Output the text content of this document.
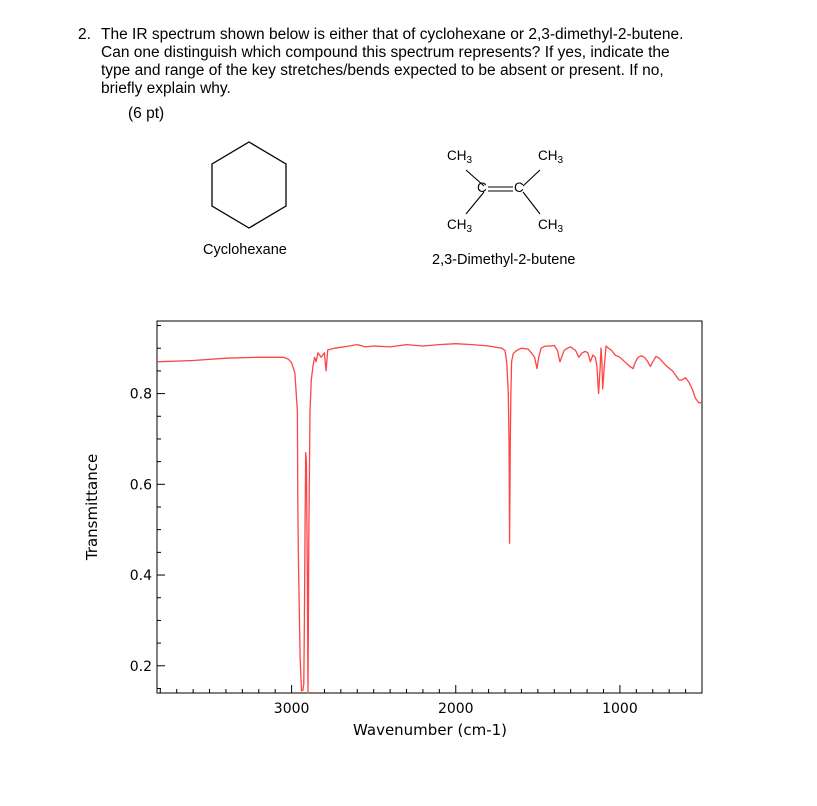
2. The IR spectrum shown below is either that of cyclohexane or 2,3-dimethyl-2-butene.
Can one distinguish which compound this spectrum represents? If yes, indicate the
type and range of the key stretches/bends expected to be absent or present. If no,
briefly explain why.
(6 pt)
Cyclohexane
$CH_3$	$CH_3$
C C
$CH_3$	$CH_3$
2,3-Dimethyl-2-butene
3000	2000	1000
0.8
0.6
0.4
0.2
Wavenumber (cm-1)
Transmittance
